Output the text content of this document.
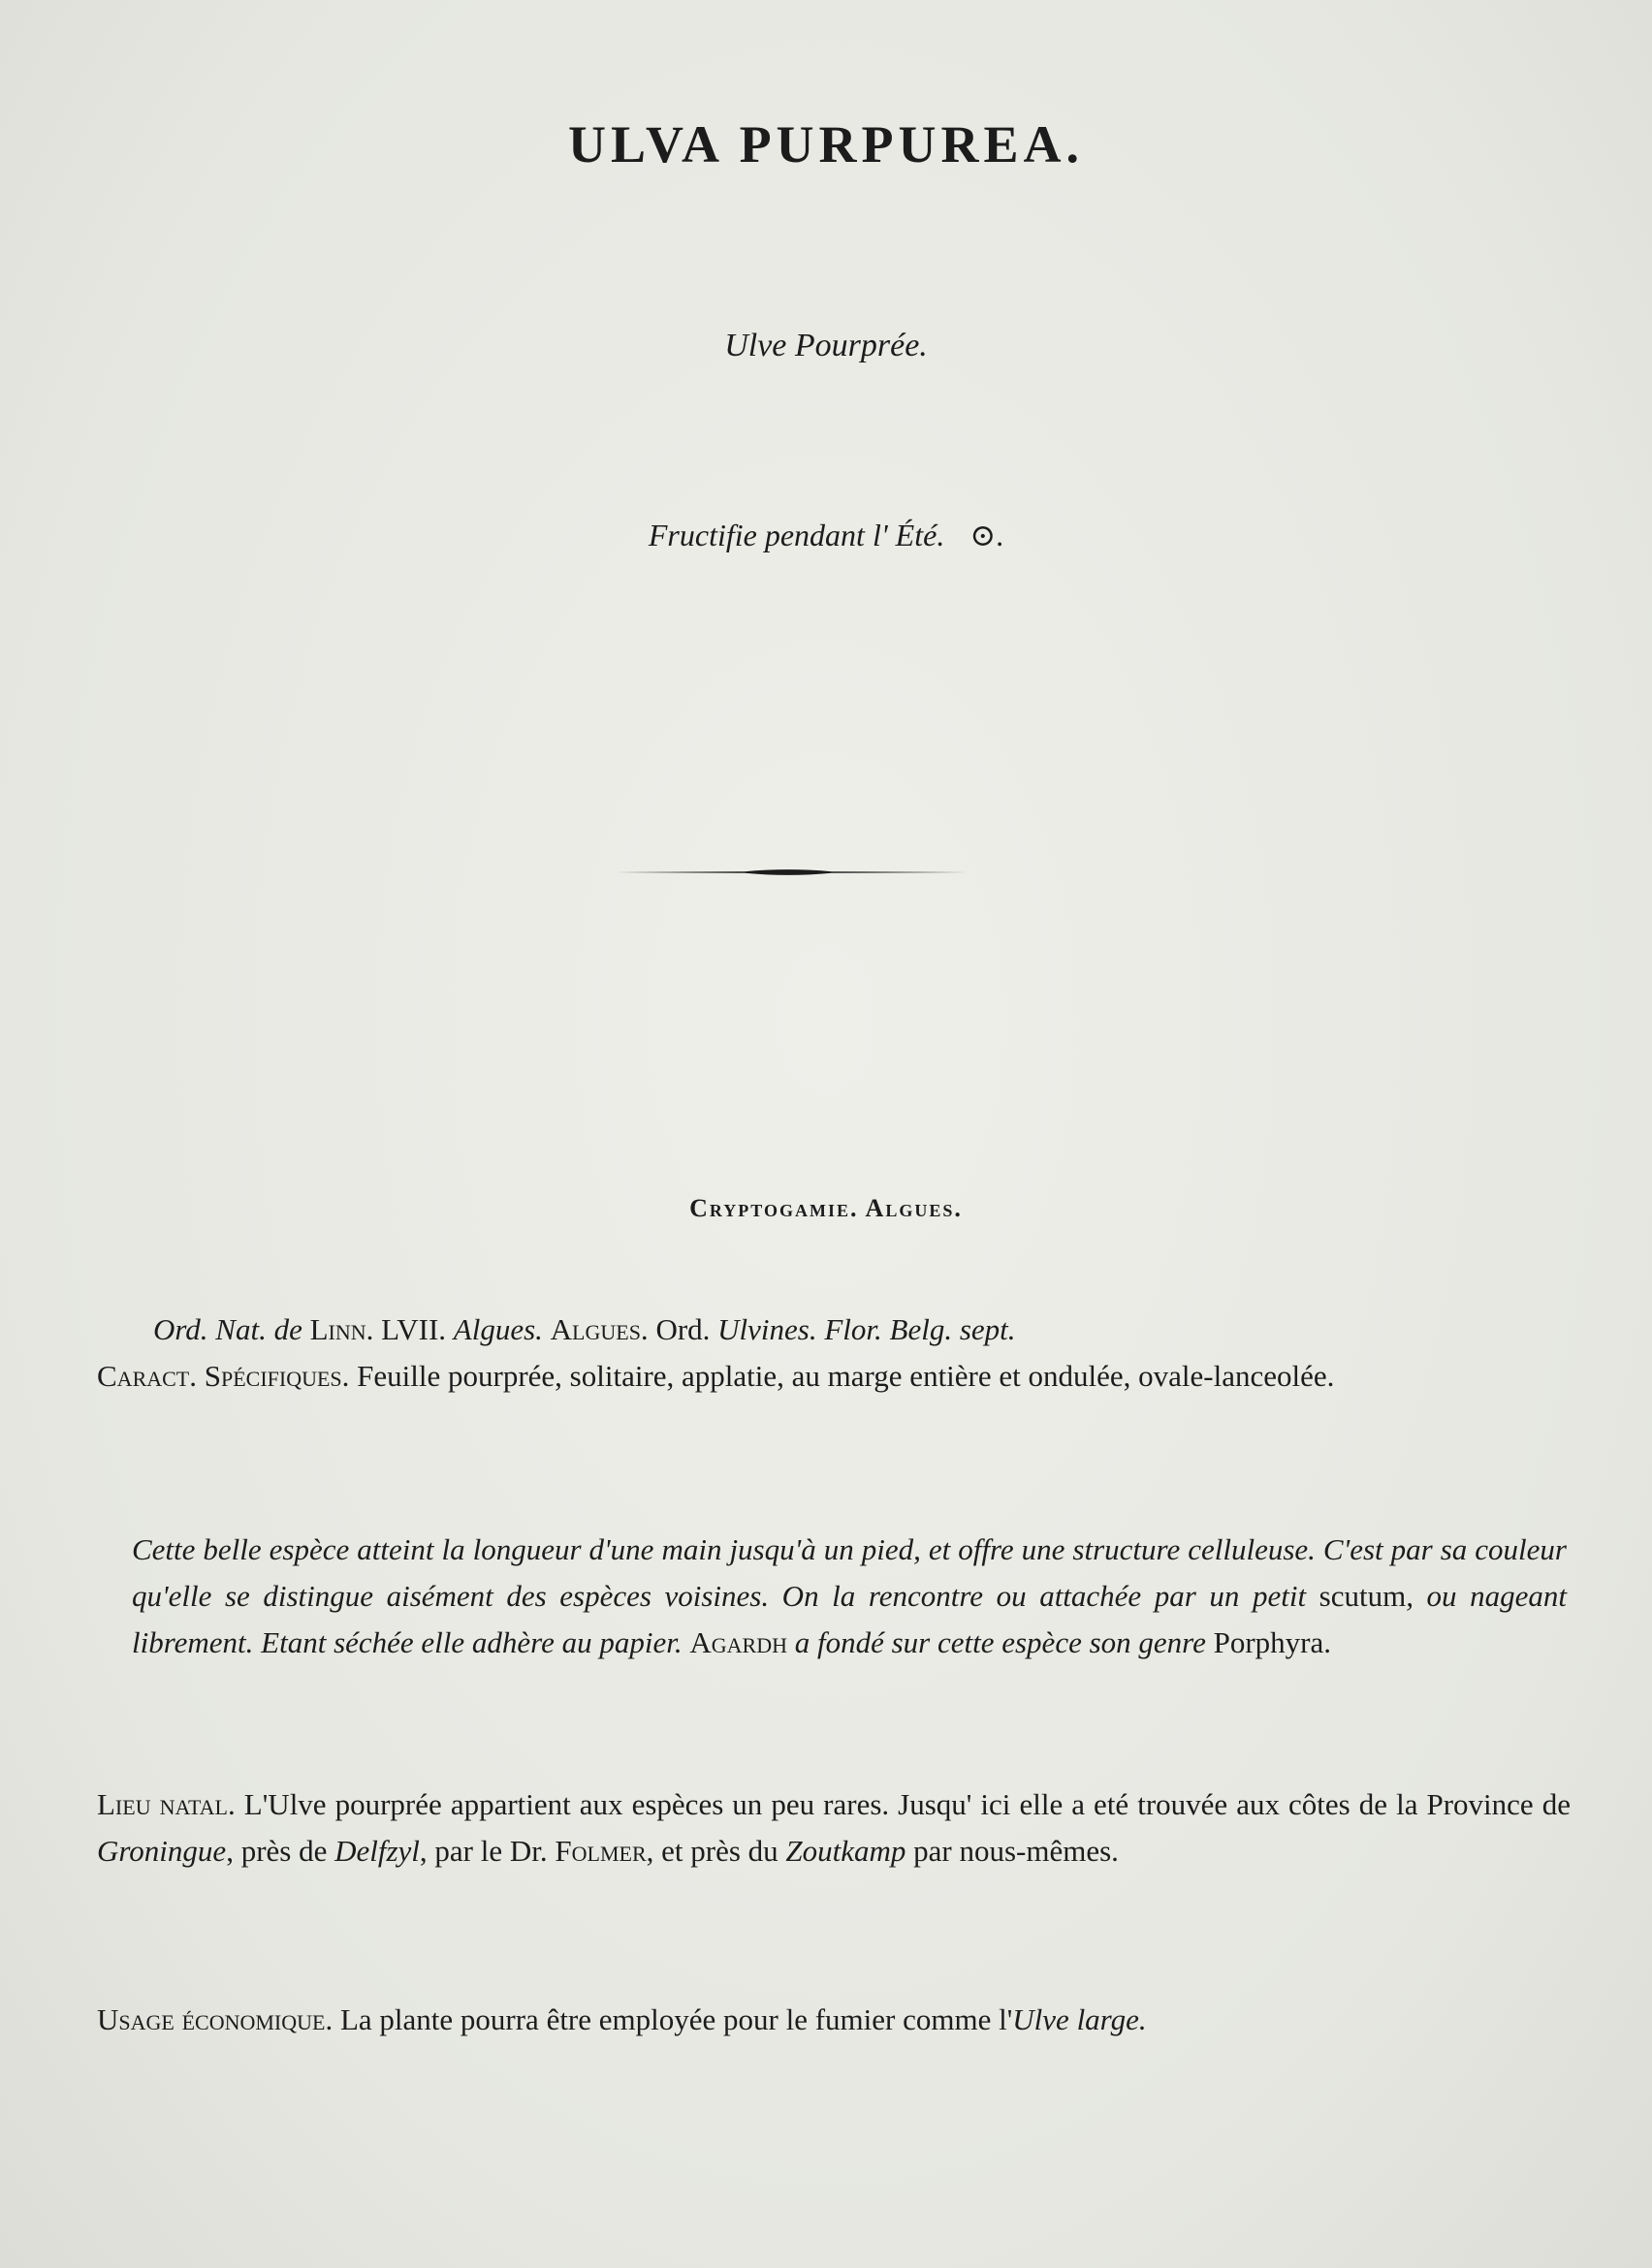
ULVA PURPUREA.
Ulve Pourprée.
Fructifie pendant l' Été. ⊙.
Cryptogamie. Algues.
Ord. Nat. de Linn. LVII. Algues. Algues. Ord. Ulvines. Flor. Belg. sept.
Caract. Spécifiques. Feuille pourprée, solitaire, applatie, au marge entière et ondulée, ovale-lanceolée.
Cette belle espèce atteint la longueur d'une main jusqu'à un pied, et offre une structure celluleuse. C'est par sa couleur qu'elle se distingue aisément des espèces voisines. On la rencontre ou attachée par un petit scutum, ou nageant librement. Etant séchée elle adhère au papier. Agardh a fondé sur cette espèce son genre Porphyra.
Lieu natal. L'Ulve pourprée appartient aux espèces un peu rares. Jusqu' ici elle a eté trouvée aux côtes de la Province de Groningue, près de Delfzyl, par le Dr. Folmer, et près du Zoutkamp par nous-mêmes.
Usage économique. La plante pourra être employée pour le fumier comme l'Ulve large.
